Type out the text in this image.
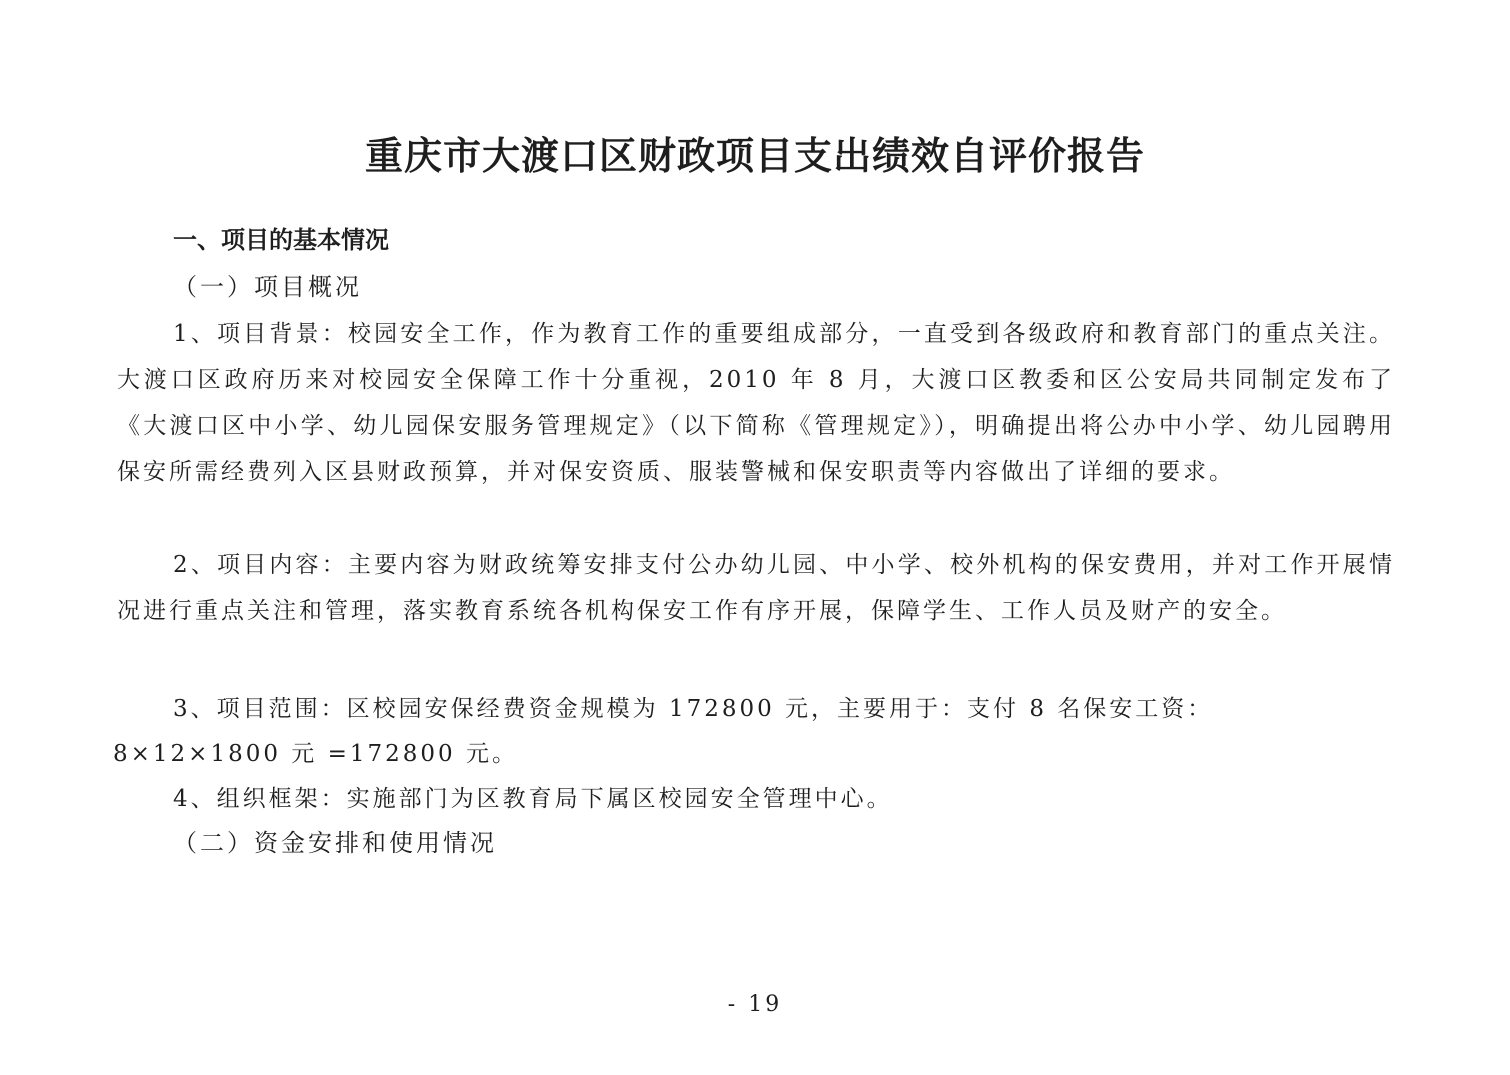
重庆市大渡口区财政项目支出绩效自评价报告

一、项目的基本情况

（一）项目概况

1、项目背景：校园安全工作，作为教育工作的重要组成部分，一直受到各级政府和教育部门的重点关注。大渡口区政府历来对校园安全保障工作十分重视，2010 年 8 月，大渡口区教委和区公安局共同制定发布了《大渡口区中小学、幼儿园保安服务管理规定》（以下简称《管理规定》），明确提出将公办中小学、幼儿园聘用保安所需经费列入区县财政预算，并对保安资质、服装警械和保安职责等内容做出了详细的要求。

2、项目内容：主要内容为财政统筹安排支付公办幼儿园、中小学、校外机构的保安费用，并对工作开展情况进行重点关注和管理，落实教育系统各机构保安工作有序开展，保障学生、工作人员及财产的安全。

3、项目范围：区校园安保经费资金规模为 172800 元，主要用于：支付 8 名保安工资：

8×12×1800 元 =172800 元。

4、组织框架：实施部门为区教育局下属区校园安全管理中心。

（二）资金安排和使用情况

- 19
